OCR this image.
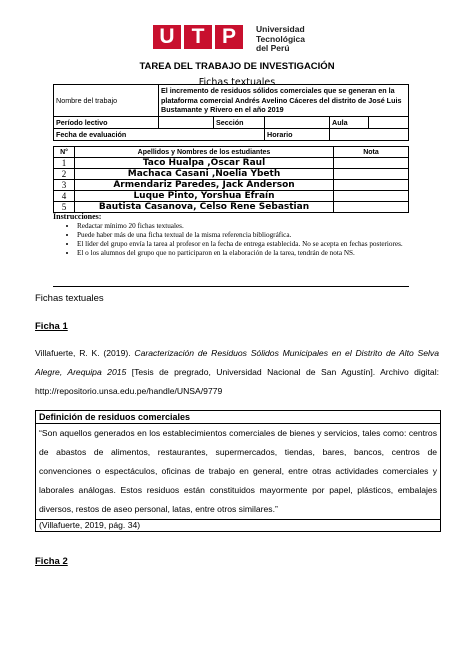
U T P	Universidad
Tecnológica
del Perú
TAREA DEL TRABAJO DE INVESTIGACIÓN
Fichas textuales
Nombre del trabajo	El incremento de residuos sólidos comerciales que se generan en la plataforma comercial Andrés Avelino Cáceres del distrito de José Luis Bustamante y Rivero en el año 2019				
Período lectivo		Sección		Aula	
Fecha de evaluación			Horario		
N°	Apellidos y Nombres de los estudiantes	Nota
1	Taco Hualpa ,Oscar Raul	
2	Machaca Casani ,Noelia Ybeth	
3	Armendariz Paredes, Jack Anderson	
4	Luque Pinto, Yorshua Efraín	
5	Bautista Casanova, Celso Rene Sebastian	
Instrucciones:
• Redactar mínimo 20 fichas textuales.
• Puede haber más de una ficha textual de la misma referencia bibliográfica.
• El líder del grupo envía la tarea al profesor en la fecha de entrega establecida. No se acepta en fechas posteriores.
• El o los alumnos del grupo que no participaron en la elaboración de la tarea, tendrán de nota NS.
Fichas textuales
Ficha 1
Villafuerte, R. K. (2019). Caracterización de Residuos Sólidos Municipales en el Distrito de Alto Selva Alegre, Arequipa 2015 [Tesis de pregrado, Universidad Nacional de San Agustín]. Archivo digital: http://repositorio.unsa.edu.pe/handle/UNSA/9779
Definición de residuos comerciales
“Son aquellos generados en los establecimientos comerciales de bienes y servicios, tales como: centros de abastos de alimentos, restaurantes, supermercados, tiendas, bares, bancos, centros de convenciones o espectáculos, oficinas de trabajo en general, entre otras actividades comerciales y laborales análogas. Estos residuos están constituidos mayormente por papel, plásticos, embalajes diversos, restos de aseo personal, latas, entre otros similares.”
(Villafuerte, 2019, pág. 34)
Ficha 2
